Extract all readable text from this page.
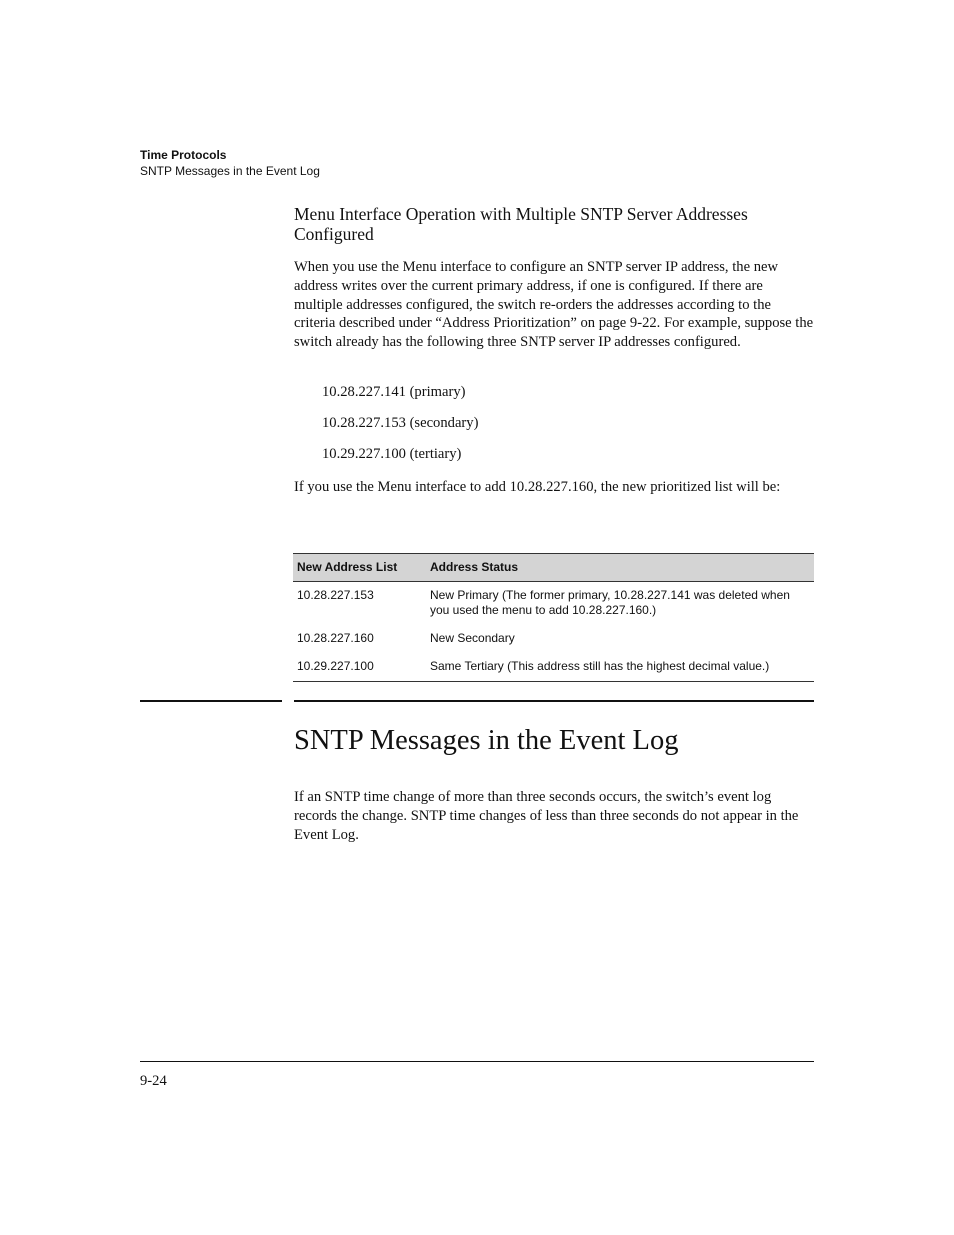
Time Protocols
SNTP Messages in the Event Log
Menu Interface Operation with Multiple SNTP Server Addresses Configured

When you use the Menu interface to configure an SNTP server IP address, the new address writes over the current primary address, if one is configured. If there are multiple addresses configured, the switch re-orders the addresses according to the criteria described under “Address Prioritization” on page 9-22. For example, suppose the switch already has the following three SNTP server IP addresses configured.

10.28.227.141 (primary)
10.28.227.153 (secondary)
10.29.227.100 (tertiary)

If you use the Menu interface to add 10.28.227.160, the new prioritized list will be:

New Address List	Address Status
10.28.227.153	New Primary (The former primary, 10.28.227.141 was deleted when you used the menu to add 10.28.227.160.)
10.28.227.160	New Secondary
10.29.227.100	Same Tertiary (This address still has the highest decimal value.)
SNTP Messages in the Event Log

If an SNTP time change of more than three seconds occurs, the switch’s event log records the change. SNTP time changes of less than three seconds do not appear in the Event Log.

9-24
